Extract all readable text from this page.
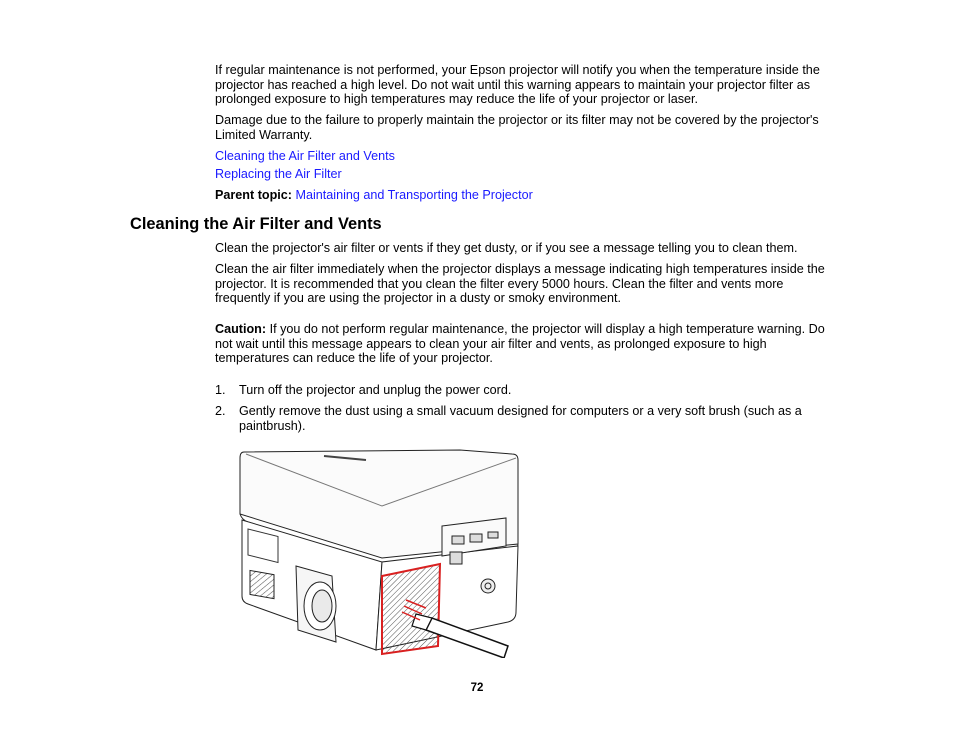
If regular maintenance is not performed, your Epson projector will notify you when the temperature inside the projector has reached a high level. Do not wait until this warning appears to maintain your projector filter as prolonged exposure to high temperatures may reduce the life of your projector or laser.
Damage due to the failure to properly maintain the projector or its filter may not be covered by the projector's Limited Warranty.
Cleaning the Air Filter and Vents
Replacing the Air Filter
Parent topic: Maintaining and Transporting the Projector
Cleaning the Air Filter and Vents
Clean the projector's air filter or vents if they get dusty, or if you see a message telling you to clean them.
Clean the air filter immediately when the projector displays a message indicating high temperatures inside the projector. It is recommended that you clean the filter every 5000 hours. Clean the filter and vents more frequently if you are using the projector in a dusty or smoky environment.
Caution: If you do not perform regular maintenance, the projector will display a high temperature warning. Do not wait until this message appears to clean your air filter and vents, as prolonged exposure to high temperatures can reduce the life of your projector.
1. Turn off the projector and unplug the power cord.
2. Gently remove the dust using a small vacuum designed for computers or a very soft brush (such as a paintbrush).
72
